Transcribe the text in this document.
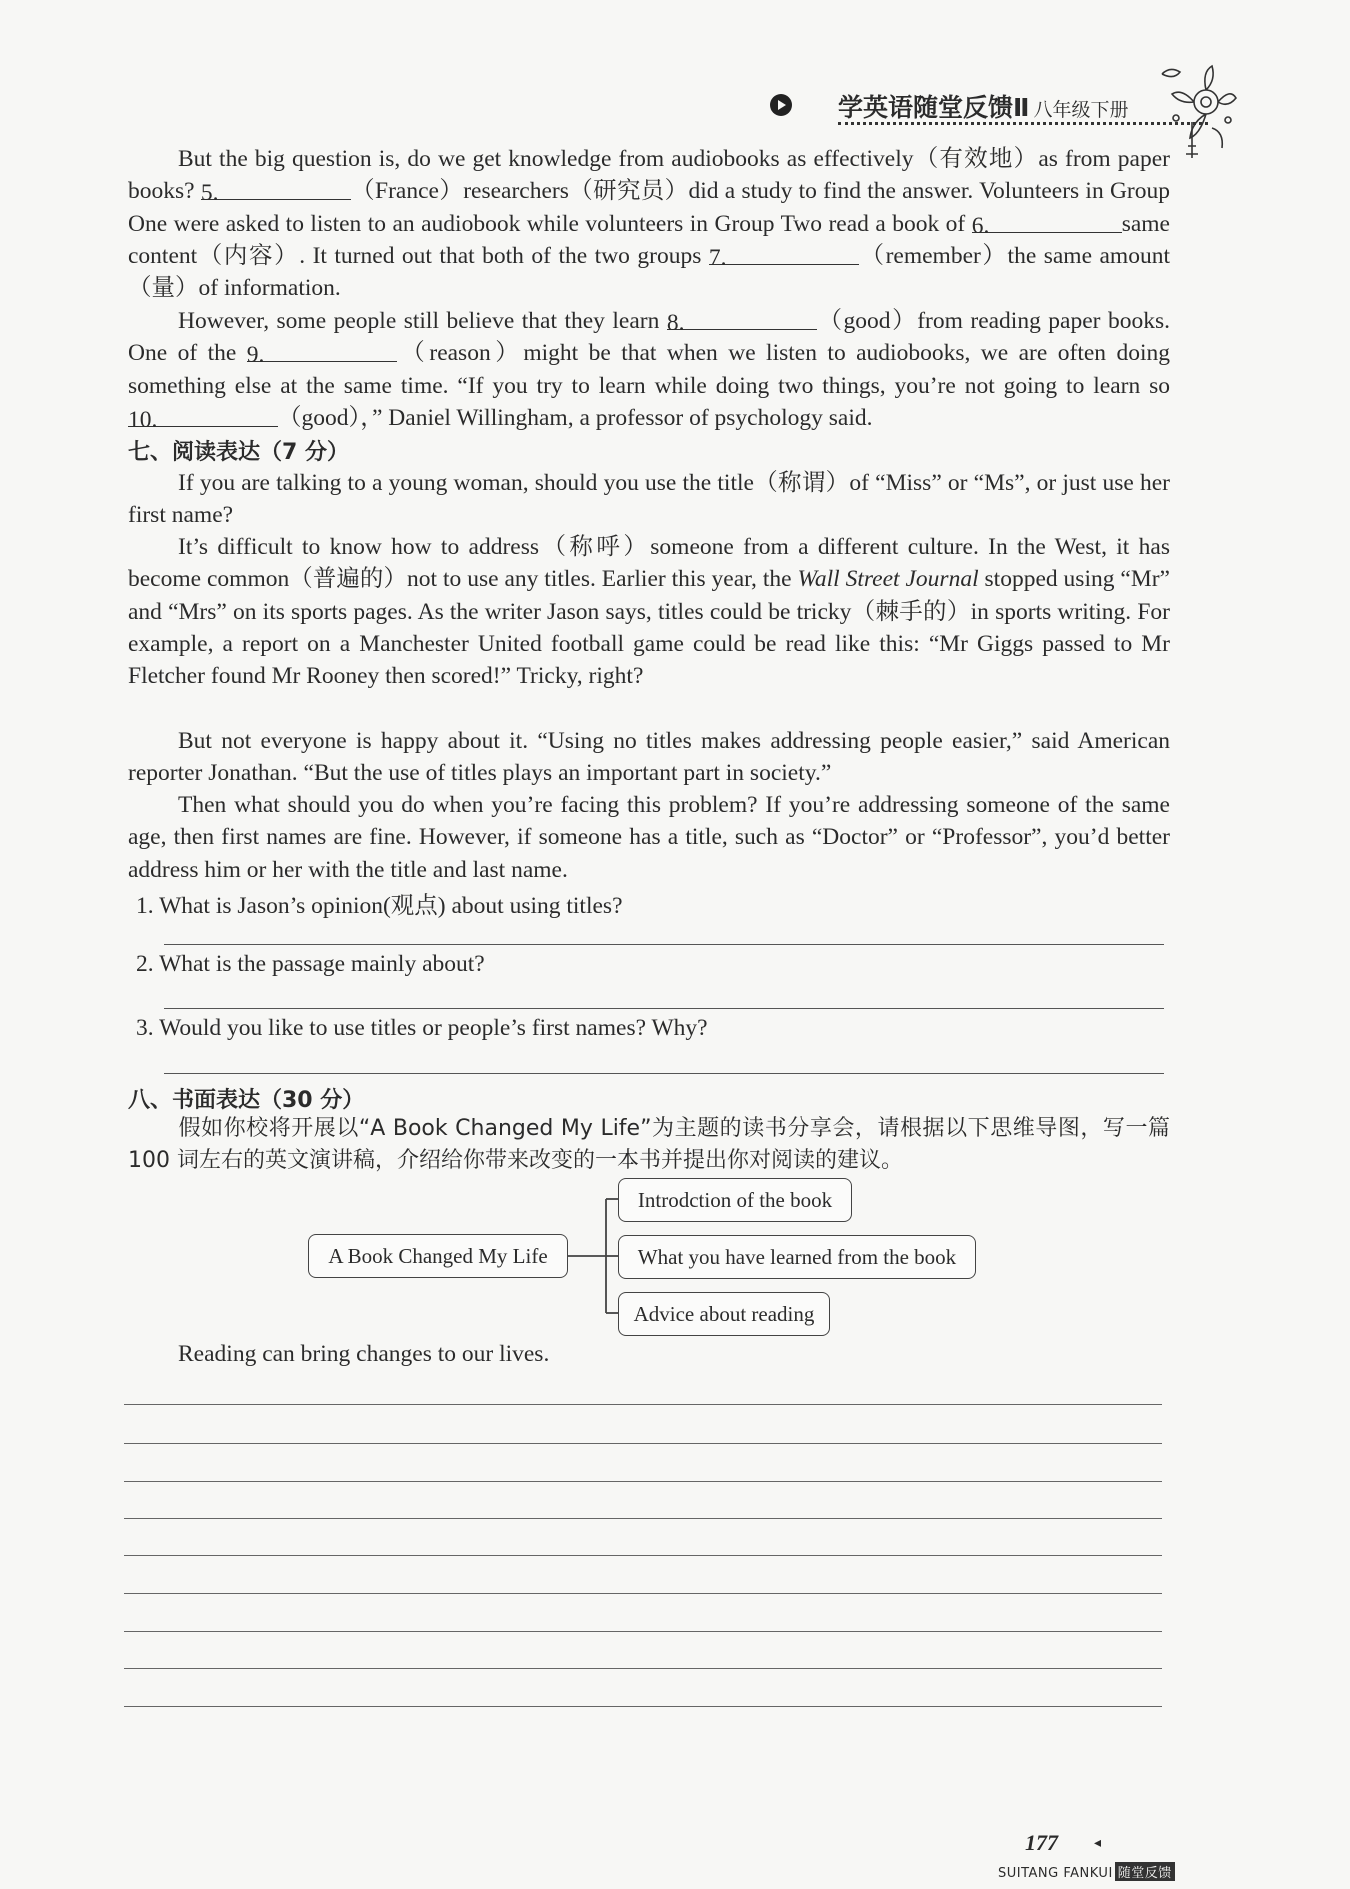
学英语随堂反馈Ⅱ 八年级下册
But the big question is, do we get knowledge from audiobooks as effectively（有效地）as from paper books? 5.	（France）researchers（研究员）did a study to find the answer. Volunteers in Group One were asked to listen to an audiobook while volunteers in Group Two read a book of 6.	same content（内容）. It turned out that both of the two groups 7.	（remember）the same amount（量）of information.
However, some people still believe that they learn 8.	（good）from reading paper books. One of the 9.	（reason）might be that when we listen to audiobooks, we are often doing something else at the same time. “If you try to learn while doing two things, you’re not going to learn so 10.	（good），” Daniel Willingham, a professor of psychology said.
七、阅读表达（7 分）
If you are talking to a young woman, should you use the title（称谓）of “Miss” or “Ms”, or just use her first name?
It’s difficult to know how to address（称呼）someone from a different culture. In the West, it has become common（普遍的）not to use any titles. Earlier this year, the Wall Street Journal stopped using “Mr” and “Mrs” on its sports pages. As the writer Jason says, titles could be tricky（棘手的）in sports writing. For example, a report on a Manchester United football game could be read like this: “Mr Giggs passed to Mr Fletcher found Mr Rooney then scored!” Tricky, right?
But not everyone is happy about it. “Using no titles makes addressing people easier,” said American reporter Jonathan. “But the use of titles plays an important part in society.”
Then what should you do when you’re facing this problem? If you’re addressing someone of the same age, then first names are fine. However, if someone has a title, such as “Doctor” or “Professor”, you’d better address him or her with the title and last name.
1. What is Jason’s opinion(观点) about using titles?
2. What is the passage mainly about?
3. Would you like to use titles or people’s first names? Why?
八、书面表达（30 分）
假如你校将开展以“A Book Changed My Life”为主题的读书分享会，请根据以下思维导图，写一篇 100 词左右的英文演讲稿，介绍给你带来改变的一本书并提出你对阅读的建议。
A Book Changed My Life
Introdction of the book
What you have learned from the book
Advice about reading
Reading can bring changes to our lives.
177	◂
SUITANG FANKUI 随堂反馈
